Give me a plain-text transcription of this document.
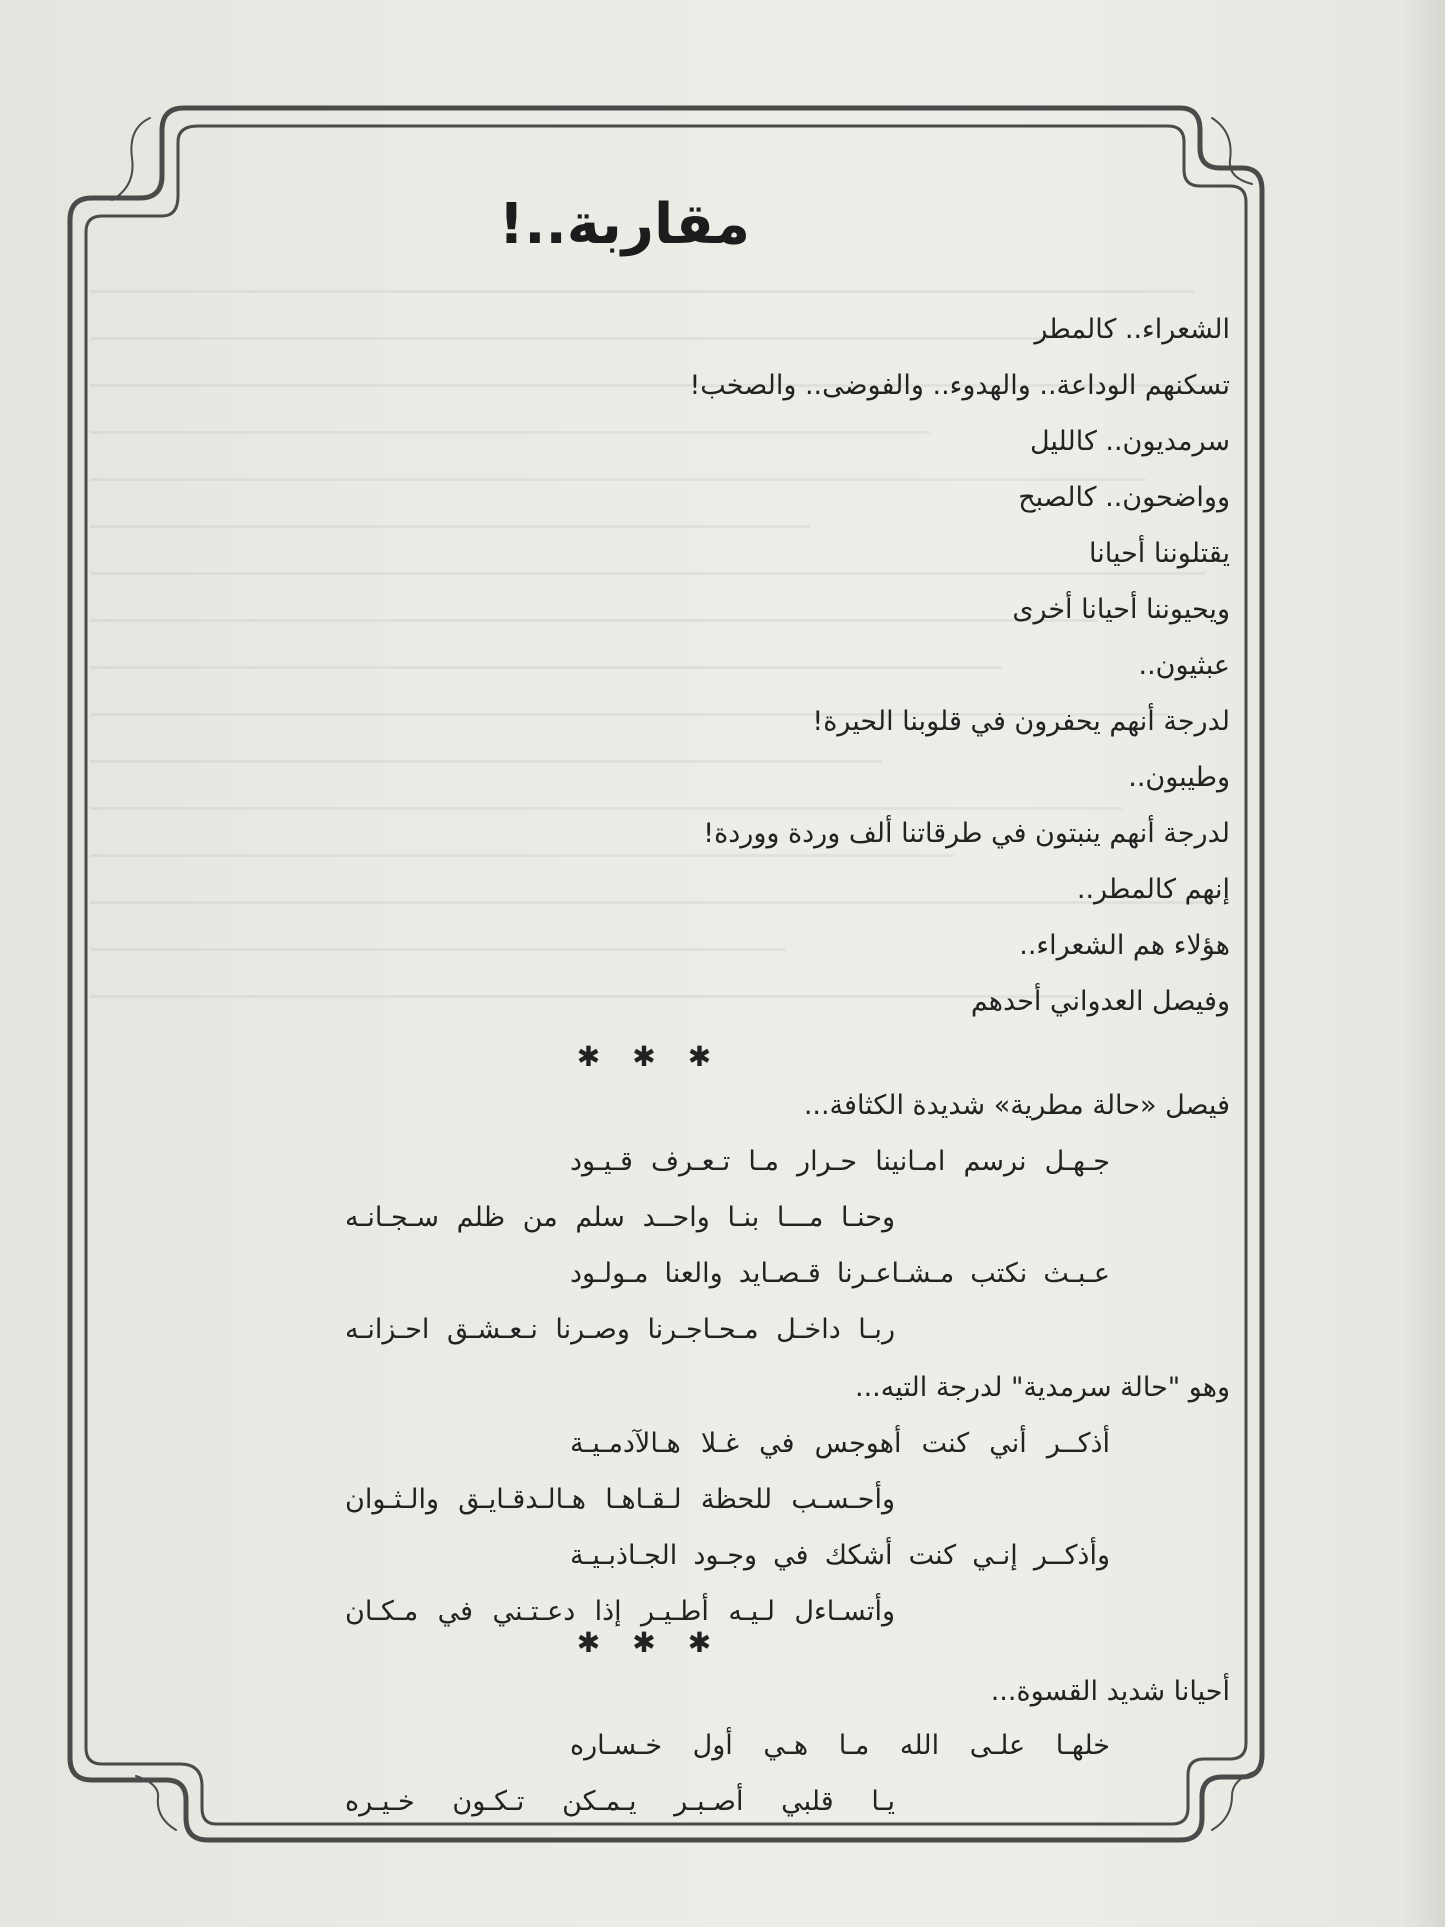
مقاربة..!
الشعراء.. كالمطر
تسكنهم الوداعة.. والهدوء.. والفوضى.. والصخب!
سرمديون.. كالليل
وواضحون.. كالصبح
يقتلوننا أحيانا
ويحيوننا أحيانا أخرى
عبثيون..
لدرجة أنهم يحفرون في قلوبنا الحيرة!
وطيبون..
لدرجة أنهم ينبتون في طرقاتنا ألف وردة ووردة!
إنهم كالمطر..
هؤلاء هم الشعراء..
وفيصل العدواني أحدهم
✱✱✱
فيصل «حالة مطرية» شديدة الكثافة...
جـهـل نرسم امـانينا حـرار مـا تـعـرف قـيـود
وحنـا مـــا بنـا واحــد سلم من ظلم سـجـانـه
عـبـث نكتب مـشـاعـرنا قـصـايد والعنا مـولـود
ربـا داخـل مـحـاجـرنا وصـرنا نـعـشـق احـزانـه
وهو "حالة سرمدية" لدرجة التيه...
أذكــر أني كنت أهوجس في غـلا هـالآدمـيـة
وأحـسـب للحظة لـقـاهـا هـالـدقـايـق والـثـوان
وأذكــر إنـي كنت أشكك في وجـود الجـاذبـيـة
وأتسـاءل لـيـه أطـيـر إذا دعـتـني في مـكـان
✱✱✱
أحيانا شديد القسوة...
خلهـا علـى الله مـا هـي أول خـسـاره
يـا قلبي أصـبـر يـمـكن تـكـون خـيـره
